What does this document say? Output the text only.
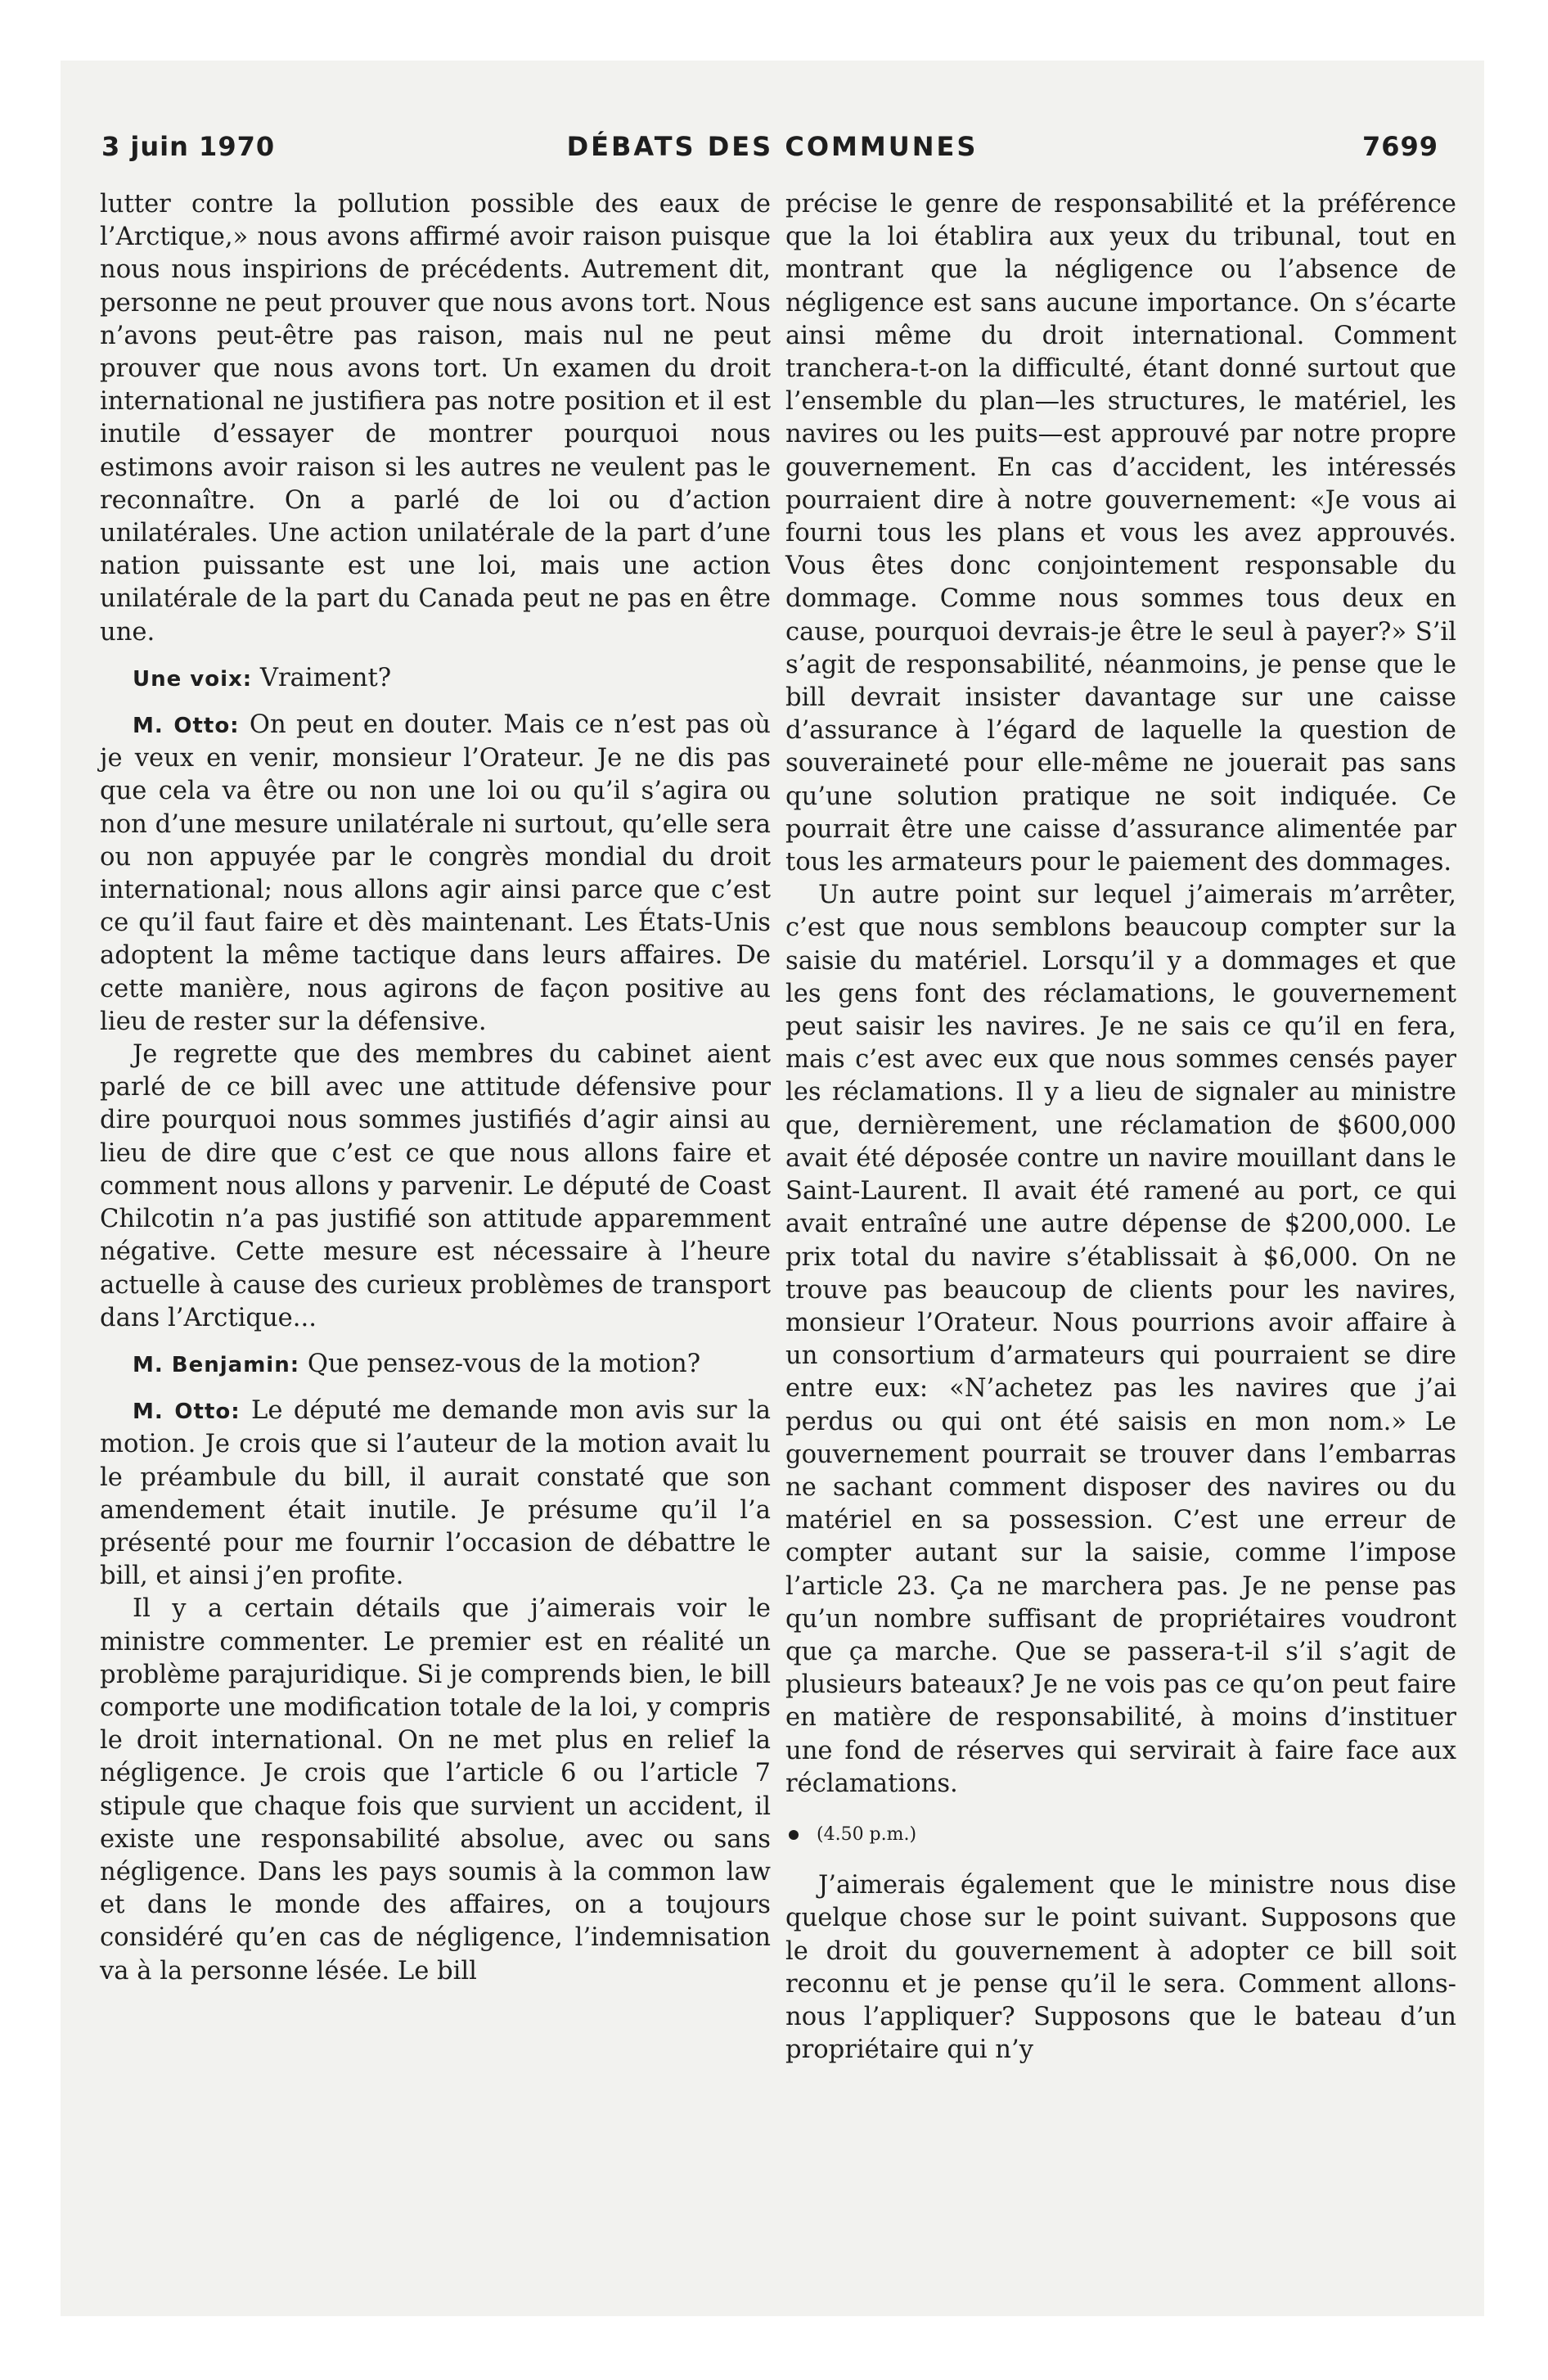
3 juin 1970	DÉBATS DES COMMUNES	7699

lutter contre la pollution possible des eaux de l’Arctique,» nous avons affirmé avoir raison puisque nous nous inspirions de précédents. Autrement dit, personne ne peut prouver que nous avons tort. Nous n’avons peut-être pas raison, mais nul ne peut prouver que nous avons tort. Un examen du droit international ne justifiera pas notre position et il est inutile d’essayer de montrer pourquoi nous estimons avoir raison si les autres ne veulent pas le reconnaître. On a parlé de loi ou d’action unilatérales. Une action unilatérale de la part d’une nation puissante est une loi, mais une action unilatérale de la part du Canada peut ne pas en être une.

Une voix: Vraiment?

M. Otto: On peut en douter. Mais ce n’est pas où je veux en venir, monsieur l’Orateur. Je ne dis pas que cela va être ou non une loi ou qu’il s’agira ou non d’une mesure unilatérale ni surtout, qu’elle sera ou non appuyée par le congrès mondial du droit international; nous allons agir ainsi parce que c’est ce qu’il faut faire et dès maintenant. Les États-Unis adoptent la même tactique dans leurs affaires. De cette manière, nous agirons de façon positive au lieu de rester sur la défensive.

Je regrette que des membres du cabinet aient parlé de ce bill avec une attitude défensive pour dire pourquoi nous sommes justifiés d’agir ainsi au lieu de dire que c’est ce que nous allons faire et comment nous allons y parvenir. Le député de Coast Chilcotin n’a pas justifié son attitude apparemment négative. Cette mesure est nécessaire à l’heure actuelle à cause des curieux problèmes de transport dans l’Arctique...

M. Benjamin: Que pensez-vous de la motion?

M. Otto: Le député me demande mon avis sur la motion. Je crois que si l’auteur de la motion avait lu le préambule du bill, il aurait constaté que son amendement était inutile. Je présume qu’il l’a présenté pour me fournir l’occasion de débattre le bill, et ainsi j’en profite.

Il y a certain détails que j’aimerais voir le ministre commenter. Le premier est en réalité un problème parajuridique. Si je comprends bien, le bill comporte une modification totale de la loi, y compris le droit international. On ne met plus en relief la négligence. Je crois que l’article 6 ou l’article 7 stipule que chaque fois que survient un accident, il existe une responsabilité absolue, avec ou sans négligence. Dans les pays soumis à la common law et dans le monde des affaires, on a toujours considéré qu’en cas de négligence, l’indemnisation va à la personne lésée. Le bill

précise le genre de responsabilité et la préférence que la loi établira aux yeux du tribunal, tout en montrant que la négligence ou l’absence de négligence est sans aucune importance. On s’écarte ainsi même du droit international. Comment tranchera-t-on la difficulté, étant donné surtout que l’ensemble du plan—les structures, le matériel, les navires ou les puits—est approuvé par notre propre gouvernement. En cas d’accident, les intéressés pourraient dire à notre gouvernement: «Je vous ai fourni tous les plans et vous les avez approuvés. Vous êtes donc conjointement responsable du dommage. Comme nous sommes tous deux en cause, pourquoi devrais-je être le seul à payer?» S’il s’agit de responsabilité, néanmoins, je pense que le bill devrait insister davantage sur une caisse d’assurance à l’égard de laquelle la question de souveraineté pour elle-même ne jouerait pas sans qu’une solution pratique ne soit indiquée. Ce pourrait être une caisse d’assurance alimentée par tous les armateurs pour le paiement des dommages.

Un autre point sur lequel j’aimerais m’arrêter, c’est que nous semblons beaucoup compter sur la saisie du matériel. Lorsqu’il y a dommages et que les gens font des réclamations, le gouvernement peut saisir les navires. Je ne sais ce qu’il en fera, mais c’est avec eux que nous sommes censés payer les réclamations. Il y a lieu de signaler au ministre que, dernièrement, une réclamation de $600,000 avait été déposée contre un navire mouillant dans le Saint-Laurent. Il avait été ramené au port, ce qui avait entraîné une autre dépense de $200,000. Le prix total du navire s’établissait à $6,000. On ne trouve pas beaucoup de clients pour les navires, monsieur l’Orateur. Nous pourrions avoir affaire à un consortium d’armateurs qui pourraient se dire entre eux: «N’achetez pas les navires que j’ai perdus ou qui ont été saisis en mon nom.» Le gouvernement pourrait se trouver dans l’embarras ne sachant comment disposer des navires ou du matériel en sa possession. C’est une erreur de compter autant sur la saisie, comme l’impose l’article 23. Ça ne marchera pas. Je ne pense pas qu’un nombre suffisant de propriétaires voudront que ça marche. Que se passera-t-il s’il s’agit de plusieurs bateaux? Je ne vois pas ce qu’on peut faire en matière de responsabilité, à moins d’instituer une fond de réserves qui servirait à faire face aux réclamations.

(4.50 p.m.)

J’aimerais également que le ministre nous dise quelque chose sur le point suivant. Supposons que le droit du gouvernement à adopter ce bill soit reconnu et je pense qu’il le sera. Comment allons-nous l’appliquer? Supposons que le bateau d’un propriétaire qui n’y
